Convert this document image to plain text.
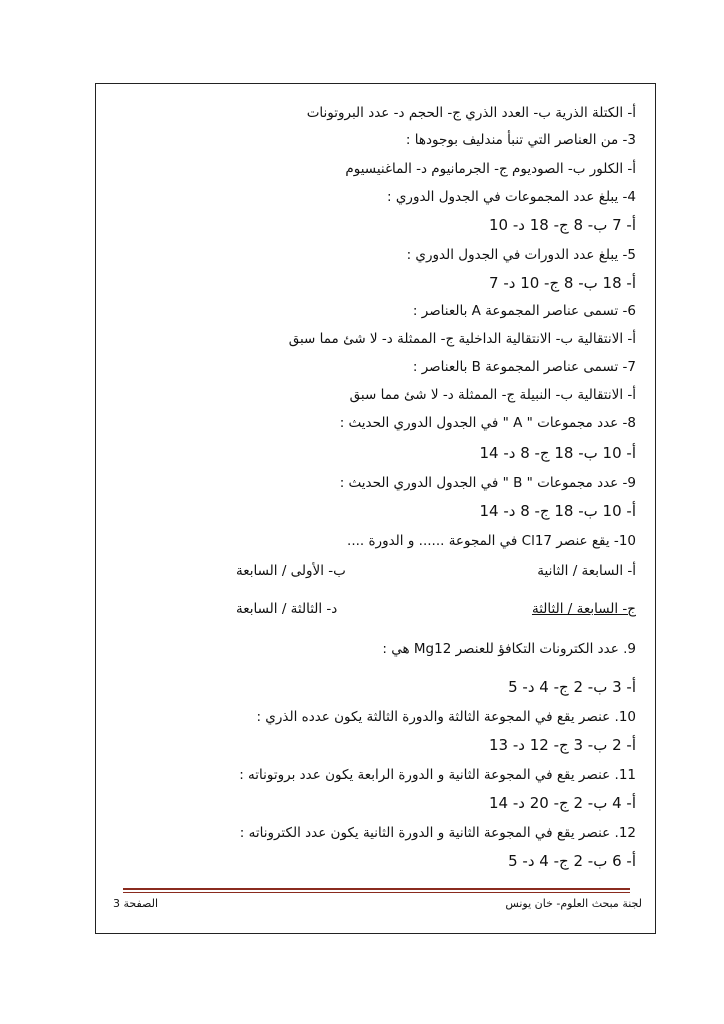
أ- الكتلة الذرية ب- العدد الذري ج- الحجم د- عدد البروتونات
3- من العناصر التي تنبأ مندليف بوجودها :
أ- الكلور ب- الصوديوم ج- الجرمانيوم د- الماغنيسيوم
4- يبلغ عدد المجموعات في الجدول الدوري :
أ- 7 ب- 8 ج- 18 د- 10
5- يبلغ عدد الدورات في الجدول الدوري :
أ- 18 ب- 8 ج- 10 د- 7
6- تسمى عناصر المجموعة A بالعناصر :
أ- الانتقالية ب- الانتقالية الداخلية ج- الممثلة د- لا شئ مما سبق
7- تسمى عناصر المجموعة B بالعناصر :
أ- الانتقالية ب- النبيلة ج- الممثلة د- لا شئ مما سبق
8- عدد مجموعات " A " في الجدول الدوري الحديث :
أ- 10 ب- 18 ج- 8 د- 14
9- عدد مجموعات " B " في الجدول الدوري الحديث :
أ- 10 ب- 18 ج- 8 د- 14
10- يقع عنصر Cl17 في المجوعة ...... و الدورة ....
أ- السابعة / الثانية
ب- الأولى / السابعة
ج- السابعة / الثالثة
د- الثالثة / السابعة
9. عدد الكترونات التكافؤ للعنصر Mg12 هي :
أ- 3 ب- 2 ج- 4 د- 5
10. عنصر يقع في المجوعة الثالثة والدورة الثالثة يكون عدده الذري :
أ- 2 ب- 3 ج- 12 د- 13
11. عنصر يقع في المجوعة الثانية و الدورة الرابعة يكون عدد بروتوناته :
أ- 4 ب- 2 ج- 20 د- 14
12. عنصر يقع في المجوعة الثانية و الدورة الثانية يكون عدد الكتروناته :
أ- 6 ب- 2 ج- 4 د- 5
الصفحة 3	لجنة مبحث العلوم- خان يونس
